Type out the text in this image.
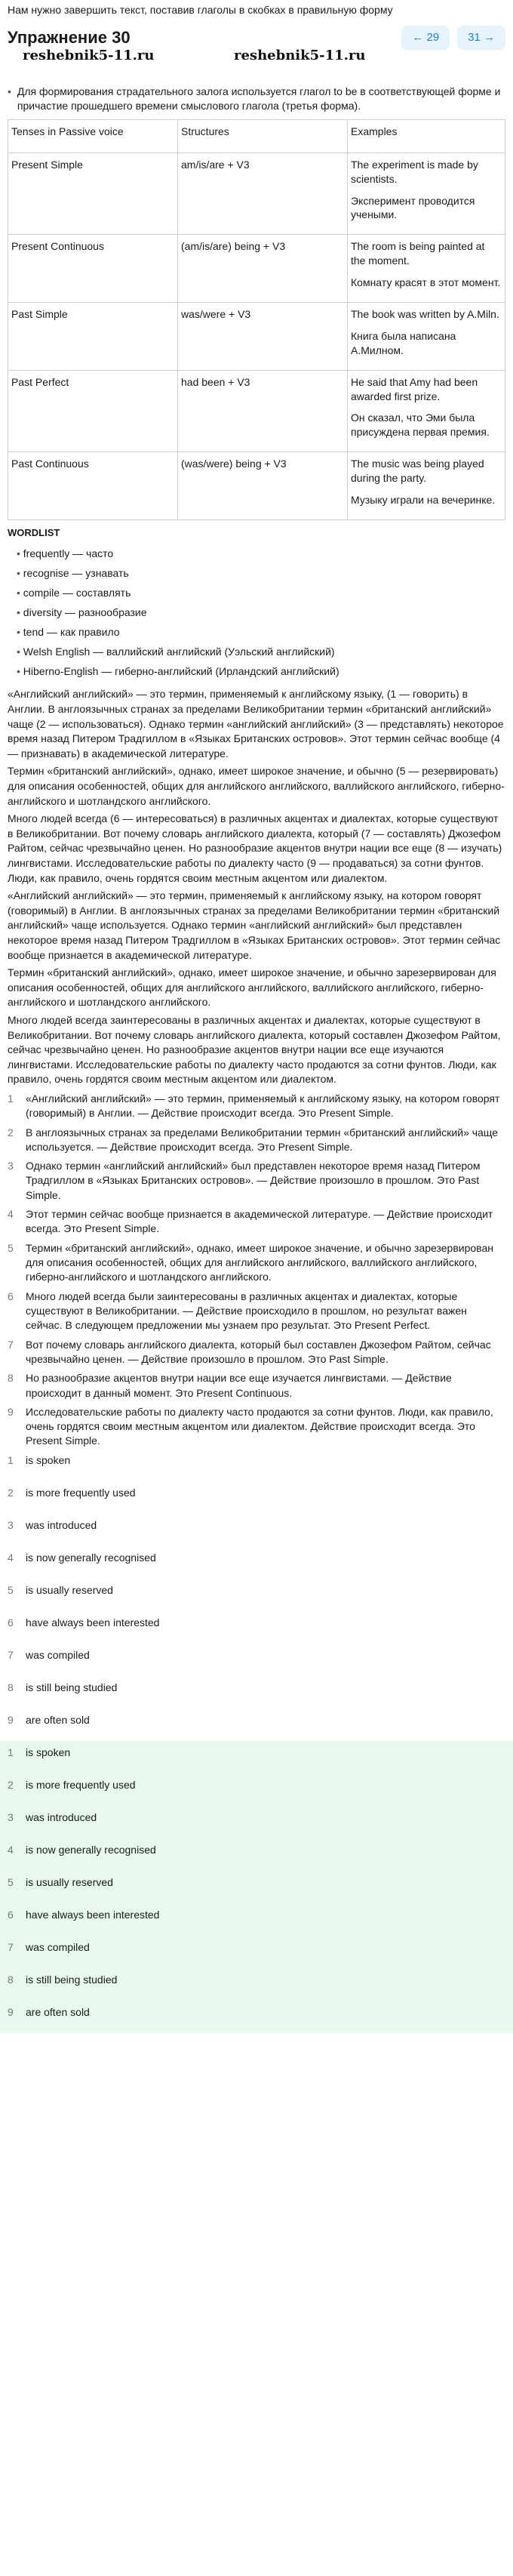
Нам нужно завершить текст, поставив глаголы в скобках в правильную форму
Упражнение 30	← 29	31 →
reshebnik5-11.ru	reshebnik5-11.ru
• Для формирования страдательного залога используется глагол to be в соответствующей форме и причастие прошедшего времени смыслового глагола (третья форма).
Tenses in Passive voice	Structures	Examples
Present Simple	am/is/are + V3	The experiment is made by scientists.

Эксперимент проводится учеными.

Present Continuous	(am/is/are) being + V3	The room is being painted at the moment.

Комнату красят в этот момент.

Past Simple	was/were + V3	The book was written by A.Miln.

Книга была написана А.Милном.

Past Perfect	had been + V3	He said that Amy had been awarded first prize.

Он сказал, что Эми была присуждена первая премия.

Past Continuous	(was/were) being + V3	The music was being played during the party.

Музыку играли на вечеринке.

WORDLIST
• frequently — часто
• recognise — узнавать
• compile — составлять
• diversity — разнообразие
• tend — как правило
• Welsh English — валлийский английский (Уэльский английский)
• Hiberno-English — гиберно-английский (Ирландский английский)

«Английский английский» — это термин, применяемый к английскому языку, (1 — говорить) в Англии. В англоязычных странах за пределами Великобритании термин «британский английский» чаще (2 — использоваться). Однако термин «английский английский» (3 — представлять) некоторое время назад Питером Традгиллом в «Языках Британских островов». Этот термин сейчас вообще (4 — признавать) в академической литературе.

Термин «британский английский», однако, имеет широкое значение, и обычно (5 — резервировать) для описания особенностей, общих для английского английского, валлийского английского, гиберно-английского и шотландского английского.

Много людей всегда (6 — интересоваться) в различных акцентах и диалектах, которые существуют в Великобритании. Вот почему словарь английского диалекта, который (7 — составлять) Джозефом Райтом, сейчас чрезвычайно ценен. Но разнообразие акцентов внутри нации все еще (8 — изучать) лингвистами. Исследовательские работы по диалекту часто (9 — продаваться) за сотни фунтов. Люди, как правило, очень гордятся своим местным акцентом или диалектом.

«Английский английский» — это термин, применяемый к английскому языку, на котором говорят (говоримый) в Англии. В англоязычных странах за пределами Великобритании термин «британский английский» чаще используется. Однако термин «английский английский» был представлен некоторое время назад Питером Традгиллом в «Языках Британских островов». Этот термин сейчас вообще признается в академической литературе.

Термин «британский английский», однако, имеет широкое значение, и обычно зарезервирован для описания особенностей, общих для английского английского, валлийского английского, гиберно-английского и шотландского английского.

Много людей всегда заинтересованы в различных акцентах и диалектах, которые существуют в Великобритании. Вот почему словарь английского диалекта, который составлен Джозефом Райтом, сейчас чрезвычайно ценен. Но разнообразие акцентов внутри нации все еще изучаются лингвистами. Исследовательские работы по диалекту часто продаются за сотни фунтов. Люди, как правило, очень гордятся своим местным акцентом или диалектом.

1	«Английский английский» — это термин, применяемый к английскому языку, на котором говорят (говоримый) в Англии. — Действие происходит всегда. Это Present Simple.
2	В англоязычных странах за пределами Великобритании термин «британский английский» чаще используется. — Действие происходит всегда. Это Present Simple.
3	Однако термин «английский английский» был представлен некоторое время назад Питером Традгиллом в «Языках Британских островов». — Действие произошло в прошлом. Это Past Simple.
4	Этот термин сейчас вообще признается в академической литературе. — Действие происходит всегда. Это Present Simple.
5	Термин «британский английский», однако, имеет широкое значение, и обычно зарезервирован для описания особенностей, общих для английского английского, валлийского английского, гиберно-английского и шотландского английского.
6	Много людей всегда были заинтересованы в различных акцентах и диалектах, которые существуют в Великобритании. — Действие происходило в прошлом, но результат важен сейчас. В следующем предложении мы узнаем про результат. Это Present Perfect.
7	Вот почему словарь английского диалекта, который был составлен Джозефом Райтом, сейчас чрезвычайно ценен. — Действие произошло в прошлом. Это Past Simple.
8	Но разнообразие акцентов внутри нации все еще изучается лингвистами. — Действие происходит в данный момент. Это Present Continuous.
9	Исследовательские работы по диалекту часто продаются за сотни фунтов. Люди, как правило, очень гордятся своим местным акцентом или диалектом. Действие происходит всегда. Это Present Simple.
1	is spoken
2	is more frequently used
3	was introduced
4	is now generally recognised
5	is usually reserved
6	have always been interested
7	was compiled
8	is still being studied
9	are often sold
1	is spoken
2	is more frequently used
3	was introduced
4	is now generally recognised
5	is usually reserved
6	have always been interested
7	was compiled
8	is still being studied
9	are often sold
